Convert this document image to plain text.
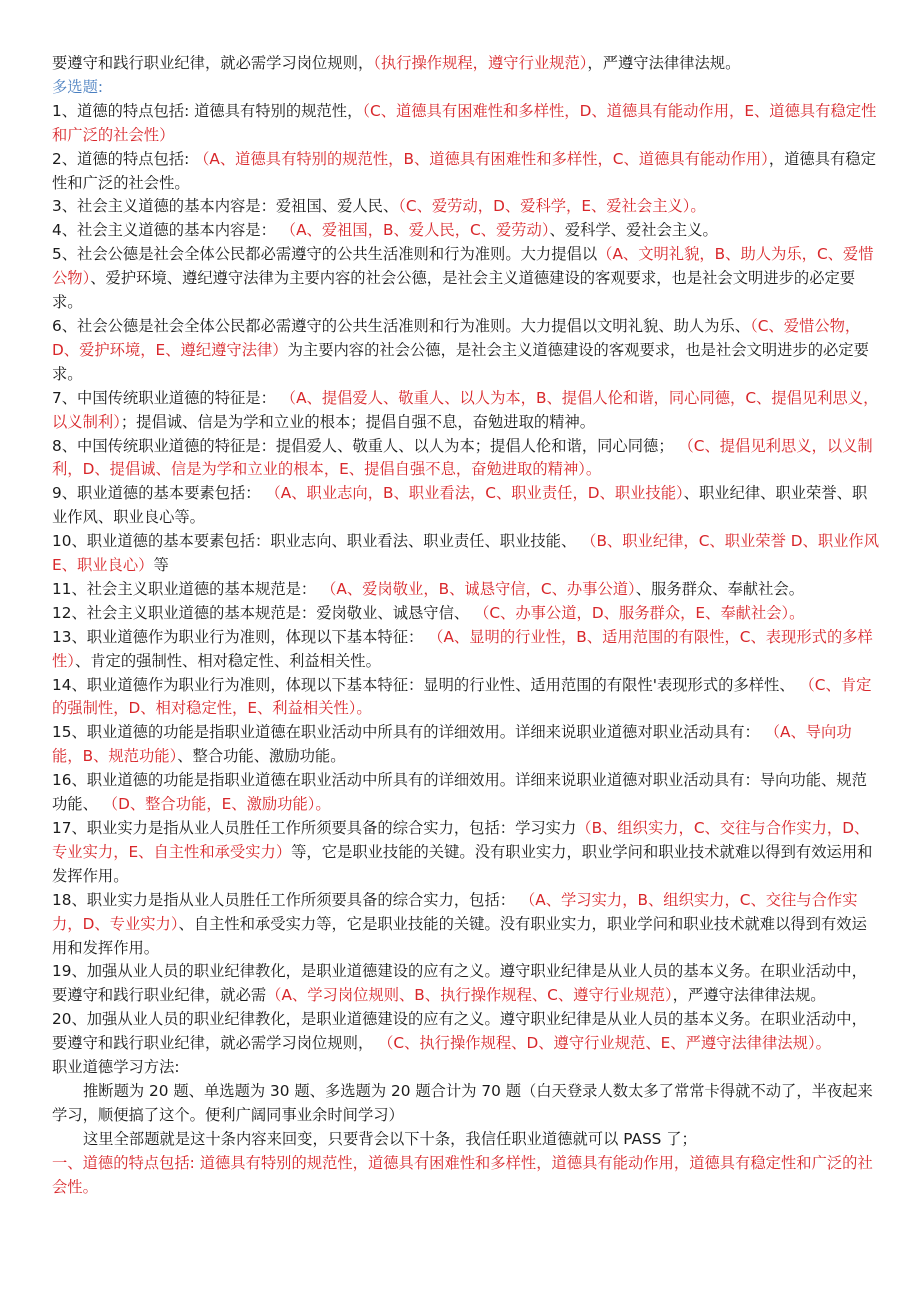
要遵守和践行职业纪律，就必需学习岗位规则，（执行操作规程，遵守行业规范），严遵守法律律法规。

多选题:

1、道德的特点包括: 道德具有特别的规范性，（C、道德具有困难性和多样性，D、道德具有能动作用，E、道德具有稳定性和广泛的社会性）

2、道德的特点包括: （A、道德具有特别的规范性，B、道德具有困难性和多样性，C、道德具有能动作用），道德具有稳定性和广泛的社会性。

3、社会主义道德的基本内容是：爱祖国、爱人民、（C、爱劳动，D、爱科学，E、爱社会主义）。

4、社会主义道德的基本内容是： （A、爱祖国，B、爱人民，C、爱劳动）、爱科学、爱社会主义。

5、社会公德是社会全体公民都必需遵守的公共生活准则和行为准则。大力提倡以（A、文明礼貌，B、助人为乐，C、爱惜公物）、爱护环境、遵纪遵守法律为主要内容的社会公德，是社会主义道德建设的客观要求，也是社会文明进步的必定要求。

6、社会公德是社会全体公民都必需遵守的公共生活准则和行为准则。大力提倡以文明礼貌、助人为乐、（C、爱惜公物，D、爱护环境，E、遵纪遵守法律）为主要内容的社会公德，是社会主义道德建设的客观要求，也是社会文明进步的必定要求。

7、中国传统职业道德的特征是： （A、提倡爱人、敬重人、以人为本，B、提倡人伦和谐，同心同德，C、提倡见利思义，以义制利）；提倡诚、信是为学和立业的根本；提倡自强不息，奋勉进取的精神。

8、中国传统职业道德的特征是：提倡爱人、敬重人、以人为本；提倡人伦和谐，同心同德； （C、提倡见利思义，以义制利，D、提倡诚、信是为学和立业的根本，E、提倡自强不息，奋勉进取的精神）。

9、职业道德的基本要素包括： （A、职业志向，B、职业看法，C、职业责任，D、职业技能）、职业纪律、职业荣誉、职业作风、职业良心等。

10、职业道德的基本要素包括：职业志向、职业看法、职业责任、职业技能、 （B、职业纪律，C、职业荣誉 D、职业作风 E、职业良心）等

11、社会主义职业道德的基本规范是： （A、爱岗敬业，B、诚恳守信，C、办事公道）、服务群众、奉献社会。

12、社会主义职业道德的基本规范是：爱岗敬业、诚恳守信、 （C、办事公道，D、服务群众，E、奉献社会）。

13、职业道德作为职业行为准则，体现以下基本特征： （A、显明的行业性，B、适用范围的有限性，C、表现形式的多样性）、肯定的强制性、相对稳定性、利益相关性。

14、职业道德作为职业行为准则，体现以下基本特征：显明的行业性、适用范围的有限性'表现形式的多样性、 （C、肯定的强制性，D、相对稳定性，E、利益相关性）。

15、职业道德的功能是指职业道德在职业活动中所具有的详细效用。详细来说职业道德对职业活动具有： （A、导向功能，B、规范功能）、整合功能、激励功能。

16、职业道德的功能是指职业道德在职业活动中所具有的详细效用。详细来说职业道德对职业活动具有：导向功能、规范功能、 （D、整合功能，E、激励功能）。

17、职业实力是指从业人员胜任工作所须要具备的综合实力，包括：学习实力（B、组织实力，C、交往与合作实力，D、专业实力，E、自主性和承受实力）等，它是职业技能的关键。没有职业实力，职业学问和职业技术就难以得到有效运用和发挥作用。

18、职业实力是指从业人员胜任工作所须要具备的综合实力，包括： （A、学习实力，B、组织实力，C、交往与合作实力，D、专业实力）、自主性和承受实力等，它是职业技能的关键。没有职业实力，职业学问和职业技术就难以得到有效运用和发挥作用。

19、加强从业人员的职业纪律教化，是职业道德建设的应有之义。遵守职业纪律是从业人员的基本义务。在职业活动中，要遵守和践行职业纪律，就必需（A、学习岗位规则、B、执行操作规程、C、遵守行业规范），严遵守法律律法规。

20、加强从业人员的职业纪律教化，是职业道德建设的应有之义。遵守职业纪律是从业人员的基本义务。在职业活动中，要遵守和践行职业纪律，就必需学习岗位规则， （C、执行操作规程、D、遵守行业规范、E、严遵守法律律法规）。

职业道德学习方法:

推断题为 20 题、单选题为 30 题、多选题为 20 题合计为 70 题（白天登录人数太多了常常卡得就不动了，半夜起来学习，顺便搞了这个。便利广阔同事业余时间学习）

这里全部题就是这十条内容来回变，只要背会以下十条，我信任职业道德就可以 PASS 了；

一、道德的特点包括: 道德具有特别的规范性，道德具有困难性和多样性，道德具有能动作用，道德具有稳定性和广泛的社会性。
